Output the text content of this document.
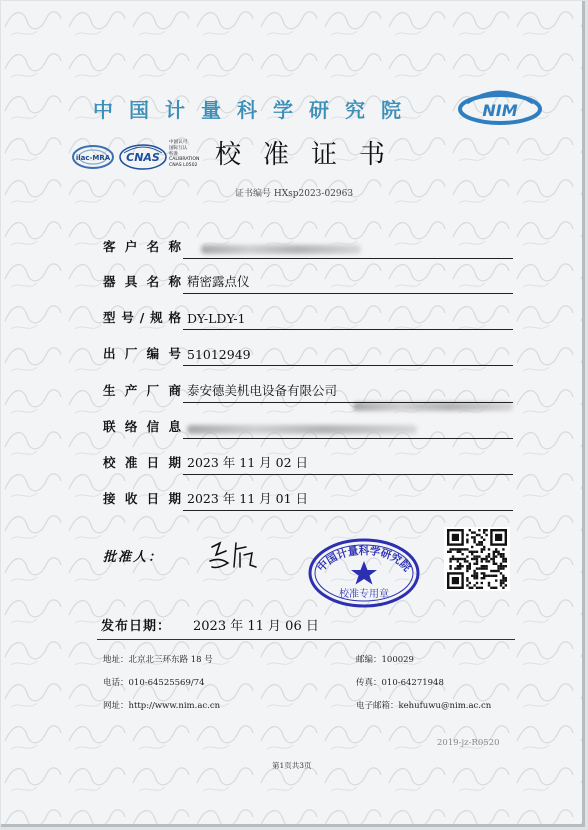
中国计量科学研究院	NIM
ilac-MRA CNAS
中国认可
国际互认
校准
CALIBRATION
CNAS L0502 校准证书
证书编号 HXsp2023-02963
客户名称
器具名称 精密露点仪
型号/规格 DY-LDY-1
出厂编号 51012949
生产厂商 泰安德美机电设备有限公司
联络信息
校准日期 2023 年 11 月 02 日
接收日期 2023 年 11 月 01 日
批准人：
中国计量科学研究院
校准专用章
发布日期： 2023 年 11 月 06 日
地址：北京北三环东路 18 号	邮编：100029
电话：010-64525569/74	传真：010-64271948
网址：http://www.nim.ac.cn	电子邮箱：kehufuwu@nim.ac.cn
2019-jz-R0520
第1页共3页
